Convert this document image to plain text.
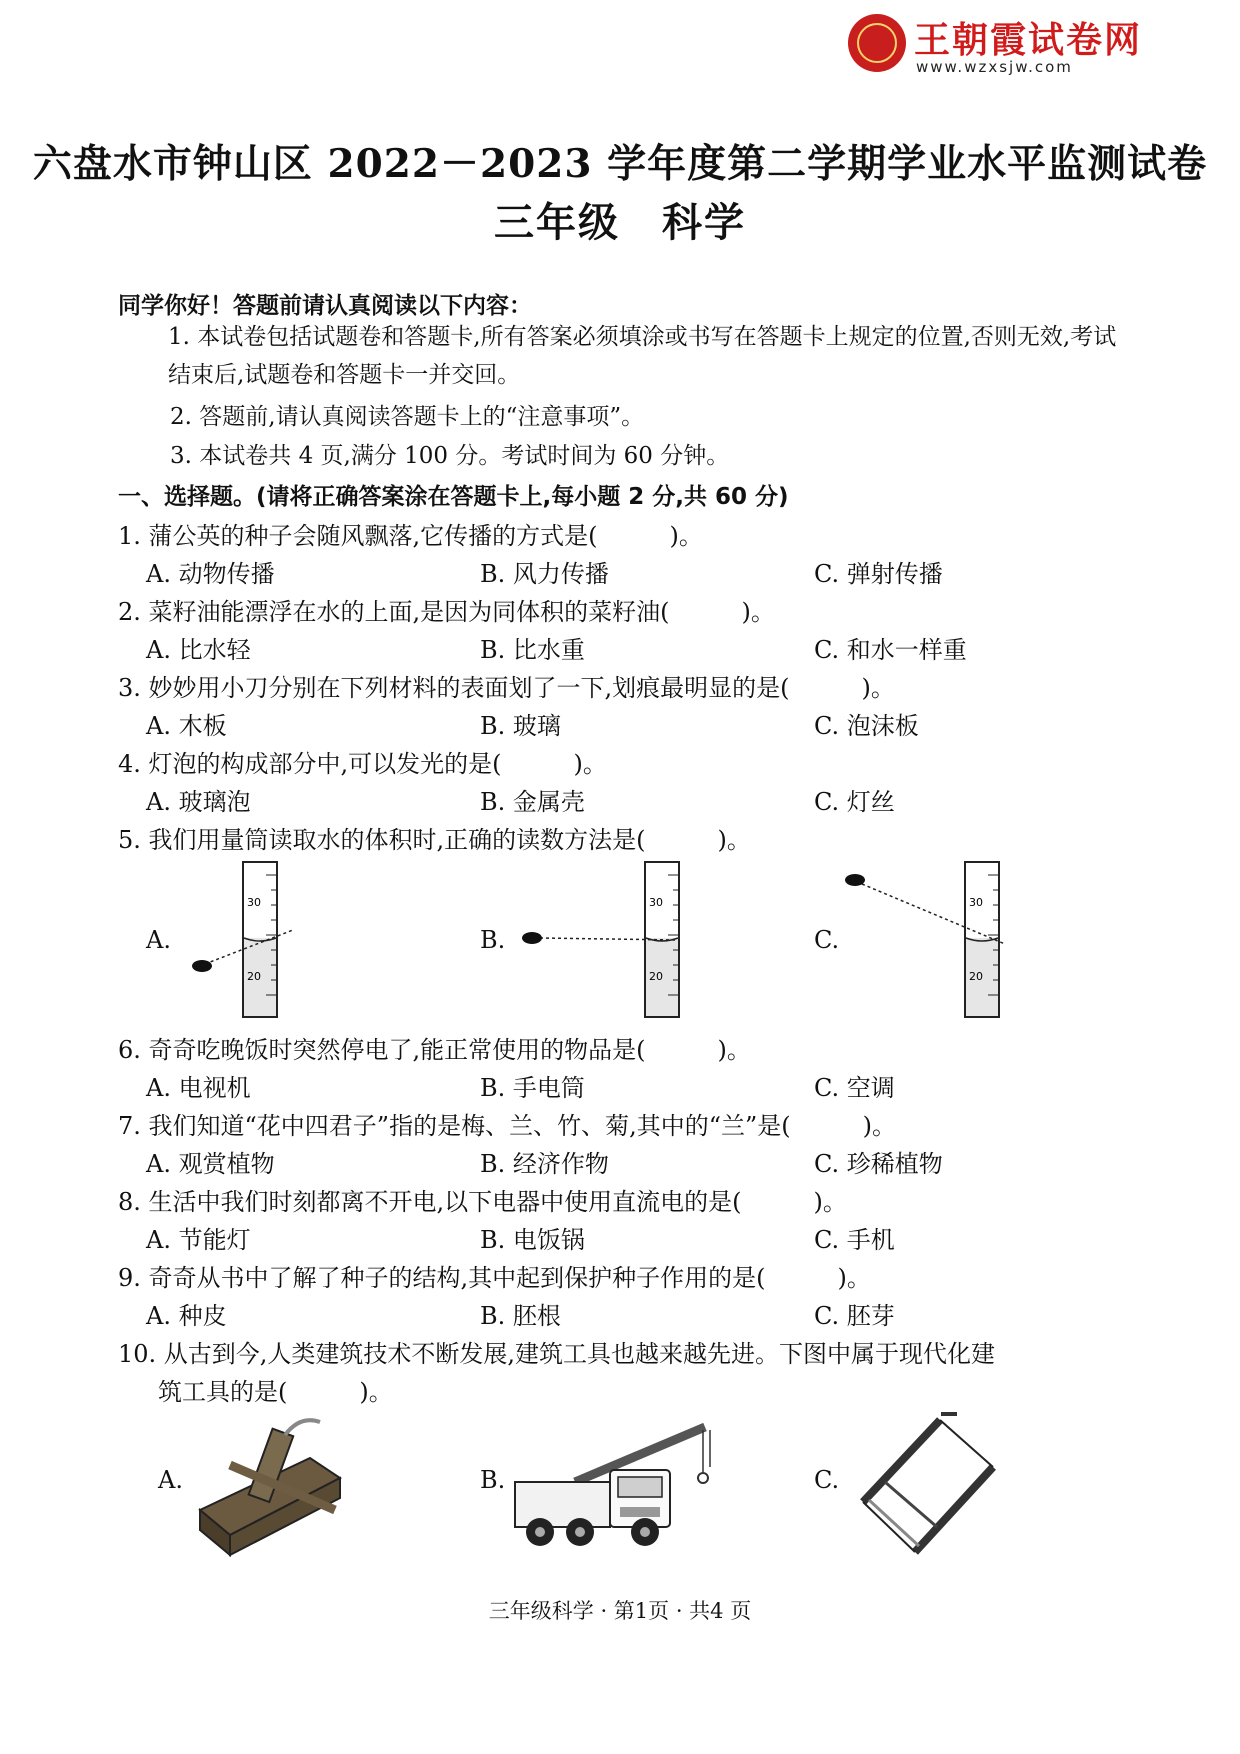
王朝霞试卷网
www.wzxsjw.com
六盘水市钟山区 2022－2023 学年度第二学期学业水平监测试卷
三年级　科学
同学你好！答题前请认真阅读以下内容：
1. 本试卷包括试题卷和答题卡,所有答案必须填涂或书写在答题卡上规定的位置,否则无效,考试结束后,试题卷和答题卡一并交回。
2. 答题前,请认真阅读答题卡上的“注意事项”。
3. 本试卷共 4 页,满分 100 分。考试时间为 60 分钟。
一、选择题。(请将正确答案涂在答题卡上,每小题 2 分,共 60 分)
1. 蒲公英的种子会随风飘落,它传播的方式是(　　　)。
A. 动物传播	B. 风力传播	C. 弹射传播
2. 菜籽油能漂浮在水的上面,是因为同体积的菜籽油(　　　)。
A. 比水轻	B. 比水重	C. 和水一样重
3. 妙妙用小刀分别在下列材料的表面划了一下,划痕最明显的是(　　　)。
A. 木板	B. 玻璃	C. 泡沫板
4. 灯泡的构成部分中,可以发光的是(　　　)。
A. 玻璃泡	B. 金属壳	C. 灯丝
5. 我们用量筒读取水的体积时,正确的读数方法是(　　　)。
A.	B.	C.
30
20
30
20
30
20
6. 奇奇吃晚饭时突然停电了,能正常使用的物品是(　　　)。
A. 电视机	B. 手电筒	C. 空调
7. 我们知道“花中四君子”指的是梅、兰、竹、菊,其中的“兰”是(　　　)。
A. 观赏植物	B. 经济作物	C. 珍稀植物
8. 生活中我们时刻都离不开电,以下电器中使用直流电的是(　　　)。
A. 节能灯	B. 电饭锅	C. 手机
9. 奇奇从书中了解了种子的结构,其中起到保护种子作用的是(　　　)。
A. 种皮	B. 胚根	C. 胚芽
10. 从古到今,人类建筑技术不断发展,建筑工具也越来越先进。下图中属于现代化建
筑工具的是(　　　)。
A.	B.	C.
三年级科学 · 第1页 · 共4 页
